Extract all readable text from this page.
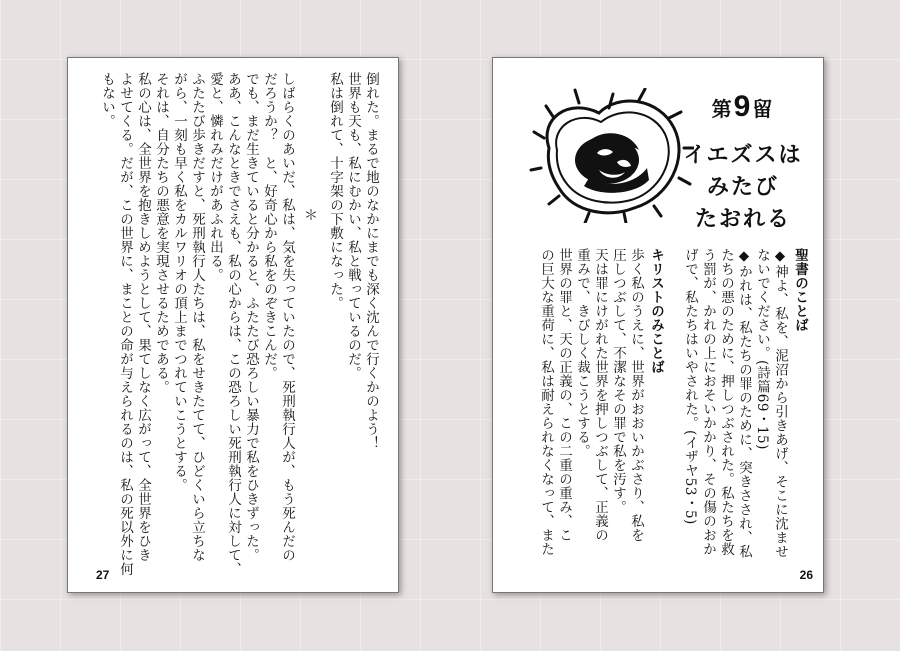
倒れた。まるで地のなかにまでも深く沈んで行くかのよう！
世界も天も、私にむかい、私と戦っているのだ。
私は倒れて、十字架の下敷になった。
＊
しばらくのあいだ、私は、気を失っていたので、死刑執行人が、もう死んだの
だろうか？　と、好奇心から私をのぞきこんだ。
でも、まだ生きていると分かると、ふたたび恐ろしい暴力で私をひきずった。
ああ、こんなときでさえも、私の心からは、この恐ろしい死刑執行人に対して、
愛と、憐れみだけがあふれ出る。
ふたたび歩きだすと、死刑執行人たちは、私をせきたてて、ひどくいら立ちな
がら、一刻も早く私をカルワリオの頂上までつれていこうとする。
それは、自分たちの悪意を実現させるためである。
私の心は、全世界を抱きしめようとして、果てしなく広がって、全世界をひき
よせてくる。だが、この世界に、まことの命が与えられるのは、私の死以外に何
もない。
27
第9留
イエズスは
みたび
たおれる
聖書のことば
◆神よ、私を、泥沼から引きあげ、そこに沈ませ
ないでください。(詩篇69・15)
◆かれは、私たちの罪のために、突きさされ、私
たちの悪のために、押しつぶされた。私たちを救
う罰が、かれの上におそいかかり、その傷のおか
げで、私たちはいやされた。(イザヤ53・5)
キリストのみことば
歩く私のうえに、世界がおおいかぶさり、私を
圧しつぶして、不潔なその罪で私を汚す。
天は罪にけがれた世界を押しつぶして、正義の
重みで、きびしく裁こうとする。
世界の罪と、天の正義の、この二重の重み、こ
の巨大な重荷に、私は耐えられなくなって、また
26
